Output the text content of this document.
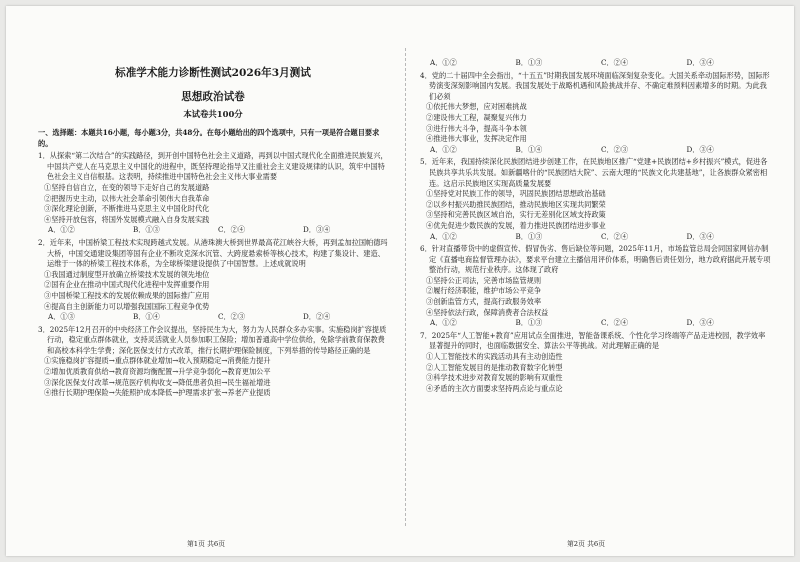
标准学术能力诊断性测试2026年3月测试
思想政治试卷
本试卷共100分
一、选择题：本题共16小题，每小题3分，共48分。在每小题给出的四个选项中，只有一项是符合题目要求的。
1．从探索“第二次结合”的实践路径，到开创中国特色社会主义道路，再到以中国式现代化全面推进民族复兴，中国共产党人在马克思主义中国化的进程中，既坚持理论指导又注重社会主义建设规律的认识，筑牢中国特色社会主义自信根基。这表明，持续推进中国特色社会主义伟大事业需要
①坚持自信自立，在变的领导下走好自己的发展道路
②把握历史主动，以伟大社会革命引领伟大自我革命
③深化理论创新，不断推进马克思主义中国化时代化
④坚持开放包容，将国外发展模式融入自身发展实践
A．①②	B．①③	C．②④	D．③④
2．近年来，中国桥梁工程技术实现跨越式发展。从港珠澳大桥到世界最高花江峡谷大桥，再到孟加拉国帕德玛大桥，中国交通建设集团等国有企业不断攻克深水沉管、大跨度悬索桥等核心技术，构建了集设计、建造、运维于一体的桥梁工程技术体系，为全球桥梁建设提供了中国智慧。上述成就说明
①我国通过制度型开放确立桥梁技术发展的领先地位
②国有企业在推动中国式现代化进程中发挥重要作用
③中国桥梁工程技术的发展依赖成果的国际推广应用
④提高自主创新能力可以增强我国国际工程竞争优势
A．①③	B．①④	C．②③	D．②④
3．2025年12月召开的中央经济工作会议提出，坚持民生为大，努力为人民群众多办实事。实施稳岗扩容提质行动，稳定重点群体就业，支持灵活就业人员参加职工保险；增加普通高中学位供给，免除学前教育保教费和高校本科学生学费；深化医保支付方式改革，推行长期护理保险制度，下列举措的传导路径正确的是
①实施稳岗扩容提质→重点群体就业增加→收入预期稳定→消费能力提升
②增加优质教育供给→教育资源均衡配置→升学竞争弱化→教育更加公平
③深化医保支付改革→规范医疗机构收支→降低患者负担→民生福祉增进
④推行长期护理保险→失能照护成本降低→护理需求扩张→养老产业提质
A．①②	B．①③	C．②④	D．③④
4．党的二十届四中全会指出，“十五五”时期我国发展环境面临深刻复杂变化。大国关系牵动国际形势，国际形势演变深刻影响国内发展。我国发展处于战略机遇和风险挑战并存、不确定难预料因素增多的时期。为此我们必须
①依托伟大梦想，应对困难挑战
②建设伟大工程，凝聚复兴伟力
③进行伟大斗争，提高斗争本领
④推进伟大事业，发挥决定作用
A．①②	B．①④	C．②③	D．③④
5．近年来，我国持续深化民族团结进步创建工作，在民族地区推广“党建+民族团结+乡村振兴”模式，促进各民族共享共乐共发展。如新疆喀什的“民族团结大院”、云南大理的“民族文化共建基地”，让各族群众紧密相连。这启示民族地区实现高质量发展要
①坚持党对民族工作的领导，巩固民族团结思想政治基础
②以乡村振兴助推民族团结，推动民族地区实现共同繁荣
③坚持和完善民族区域自治，实行无差别化区域支持政策
④优先促进少数民族的发展，着力推进民族团结进步事业
A．①②	B．①③	C．②④	D．③④
6．针对直播带货中的虚假宣传、假冒伪劣、售后缺位等问题，2025年11月，市场监管总局会同国家网信办制定《直播电商监督管理办法》，要求平台建立主播信用评价体系，明确售后责任划分，地方政府据此开展专项整治行动，规范行业秩序。这体现了政府
①坚持公正司法，完善市场监管规则
②履行经济职能，维护市场公平竞争
③创新监管方式，提高行政服务效率
④坚持依法行政，保障消费者合法权益
A．①②	B．①③	C．②④	D．③④
7．2025年“人工智能+教育”应用试点全面推进，智能备课系统、个性化学习终端等产品走进校园，教学效率显著提升的同时，也面临数据安全、算法公平等挑战。对此理解正确的是
①人工智能技术的实践活动具有主动创造性
②人工智能发展目的是推动教育数字化转型
③科学技术进步对教育发展的影响有双重性
④矛盾的主次方面要求坚持两点论与重点论
第1页 共6页	第2页 共6页
